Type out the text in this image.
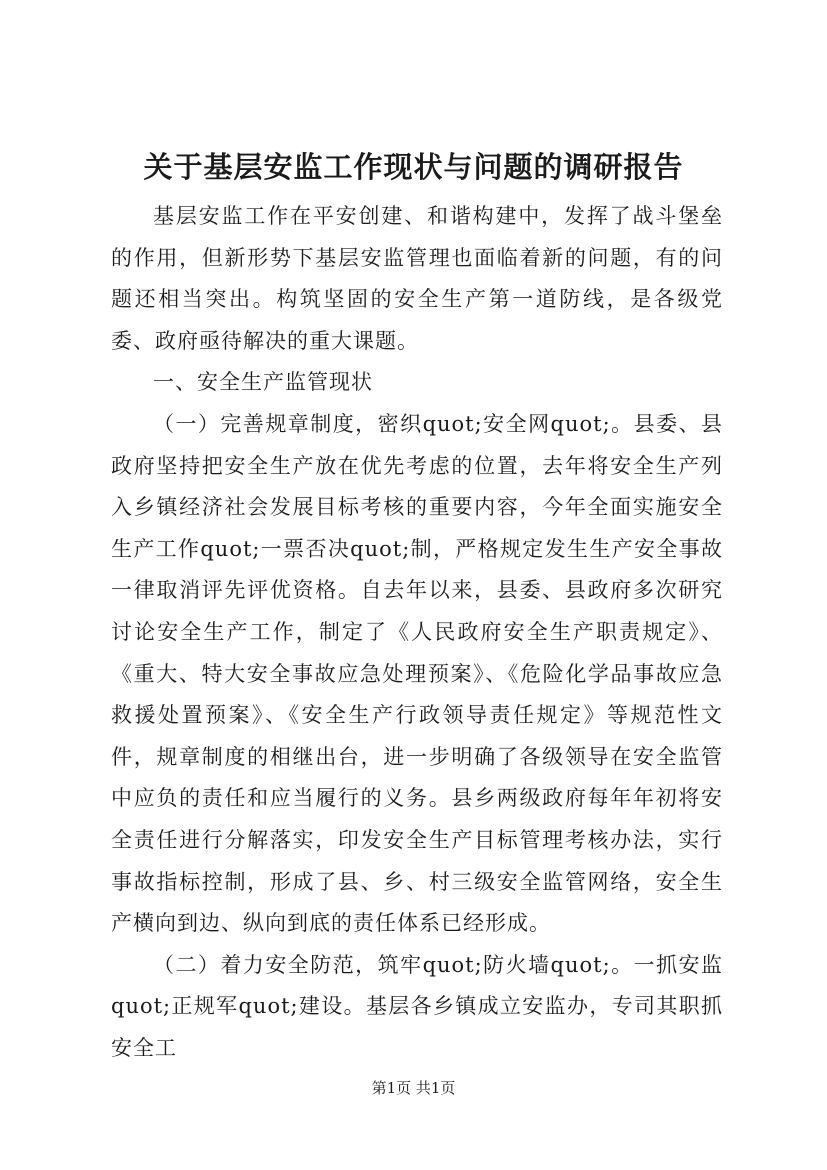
关于基层安监工作现状与问题的调研报告

基层安监工作在平安创建、和谐构建中，发挥了战斗堡垒的作用，但新形势下基层安监管理也面临着新的问题，有的问题还相当突出。构筑坚固的安全生产第一道防线，是各级党委、政府亟待解决的重大课题。

一、安全生产监管现状

（一）完善规章制度，密织quot;安全网quot;。县委、县政府坚持把安全生产放在优先考虑的位置，去年将安全生产列入乡镇经济社会发展目标考核的重要内容，今年全面实施安全生产工作quot;一票否决quot;制，严格规定发生生产安全事故一律取消评先评优资格。自去年以来，县委、县政府多次研究讨论安全生产工作，制定了《人民政府安全生产职责规定》、《重大、特大安全事故应急处理预案》、《危险化学品事故应急救援处置预案》、《安全生产行政领导责任规定》等规范性文件，规章制度的相继出台，进一步明确了各级领导在安全监管中应负的责任和应当履行的义务。县乡两级政府每年年初将安全责任进行分解落实，印发安全生产目标管理考核办法，实行事故指标控制，形成了县、乡、村三级安全监管网络，安全生产横向到边、纵向到底的责任体系已经形成。

（二）着力安全防范，筑牢quot;防火墙quot;。一抓安监quot;正规军quot;建设。基层各乡镇成立安监办，专司其职抓安全工

第1页 共1页
